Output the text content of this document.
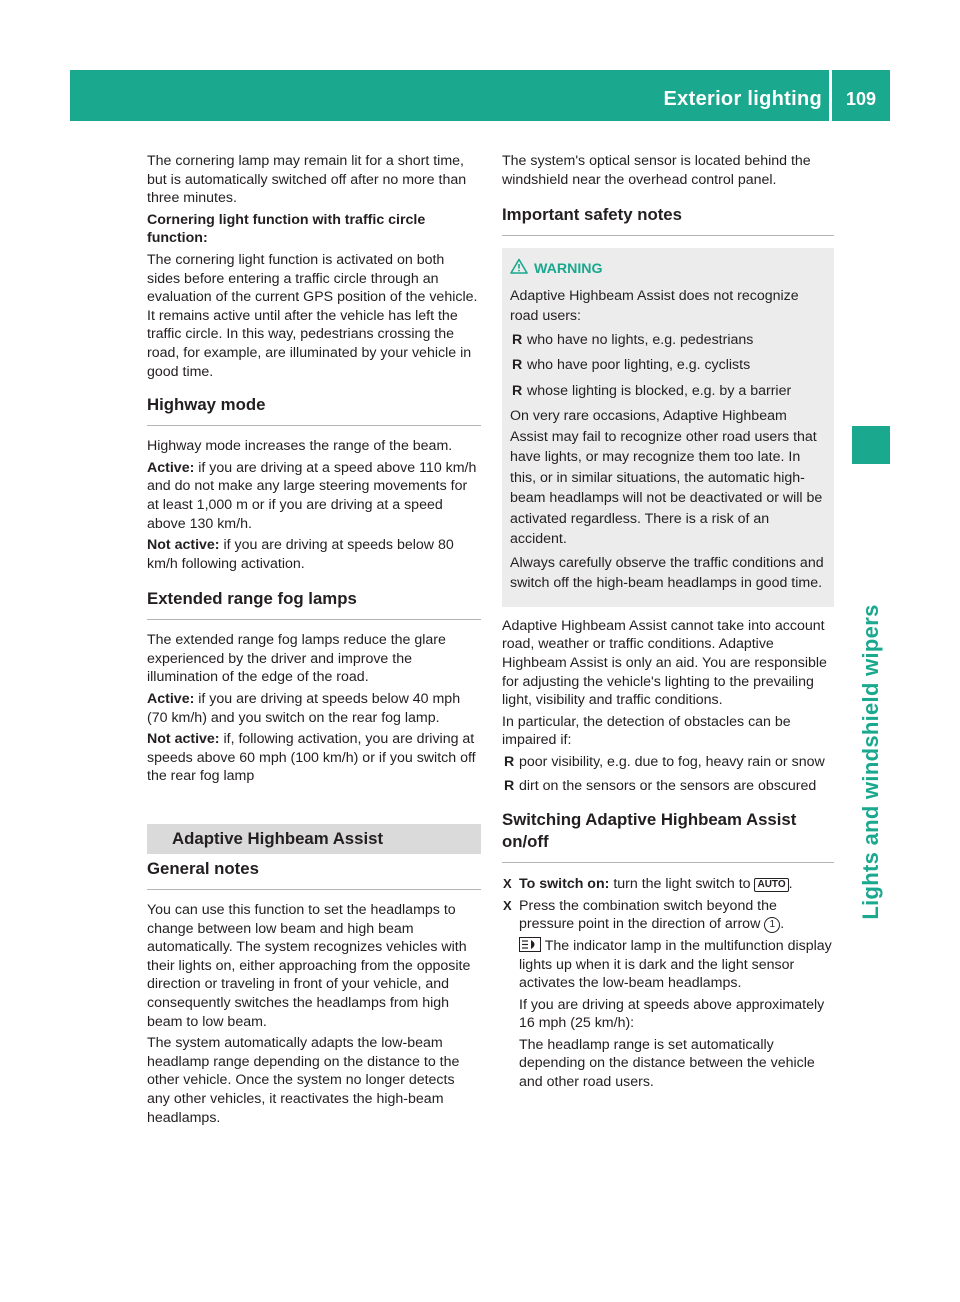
Exterior lighting	109
Lights and windshield wipers

The cornering lamp may remain lit for a short time, but is automatically switched off after no more than three minutes.

Cornering light function with traffic circle function:

The cornering light function is activated on both sides before entering a traffic circle through an evaluation of the current GPS position of the vehicle. It remains active until after the vehicle has left the traffic circle. In this way, pedestrians crossing the road, for example, are illuminated by your vehicle in good time.

Highway mode

Highway mode increases the range of the beam.

Active: if you are driving at a speed above 110 km/h and do not make any large steering movements for at least 1,000 m or if you are driving at a speed above 130 km/h.

Not active: if you are driving at speeds below 80 km/h following activation.

Extended range fog lamps

The extended range fog lamps reduce the glare experienced by the driver and improve the illumination of the edge of the road.

Active: if you are driving at speeds below 40 mph (70 km/h) and you switch on the rear fog lamp.

Not active: if, following activation, you are driving at speeds above 60 mph (100 km/h) or if you switch off the rear fog lamp

Adaptive Highbeam Assist
General notes

You can use this function to set the headlamps to change between low beam and high beam automatically. The system recognizes vehicles with their lights on, either approaching from the opposite direction or traveling in front of your vehicle, and consequently switches the headlamps from high beam to low beam.

The system automatically adapts the low-beam headlamp range depending on the distance to the other vehicle. Once the system no longer detects any other vehicles, it reactivates the high-beam headlamps.

The system's optical sensor is located behind the windshield near the overhead control panel.

Important safety notes
WARNING

Adaptive Highbeam Assist does not recognize road users:

R who have no lights, e.g. pedestrians
R who have poor lighting, e.g. cyclists
R whose lighting is blocked, e.g. by a barrier

On very rare occasions, Adaptive Highbeam Assist may fail to recognize other road users that have lights, or may recognize them too late. In this, or in similar situations, the automatic high-beam headlamps will not be deactivated or will be activated regardless. There is a risk of an accident.

Always carefully observe the traffic conditions and switch off the high-beam headlamps in good time.

Adaptive Highbeam Assist cannot take into account road, weather or traffic conditions. Adaptive Highbeam Assist is only an aid. You are responsible for adjusting the vehicle's lighting to the prevailing light, visibility and traffic conditions.

In particular, the detection of obstacles can be impaired if:

R poor visibility, e.g. due to fog, heavy rain or snow
R dirt on the sensors or the sensors are obscured
Switching Adaptive Highbeam Assist on/off

X To switch on: turn the light switch to AUTO .

X Press the combination switch beyond the pressure point in the direction of arrow 1 .

The indicator lamp in the multifunction display lights up when it is dark and the light sensor activates the low-beam headlamps.

If you are driving at speeds above approximately 16 mph (25 km/h):

The headlamp range is set automatically depending on the distance between the vehicle and other road users.
